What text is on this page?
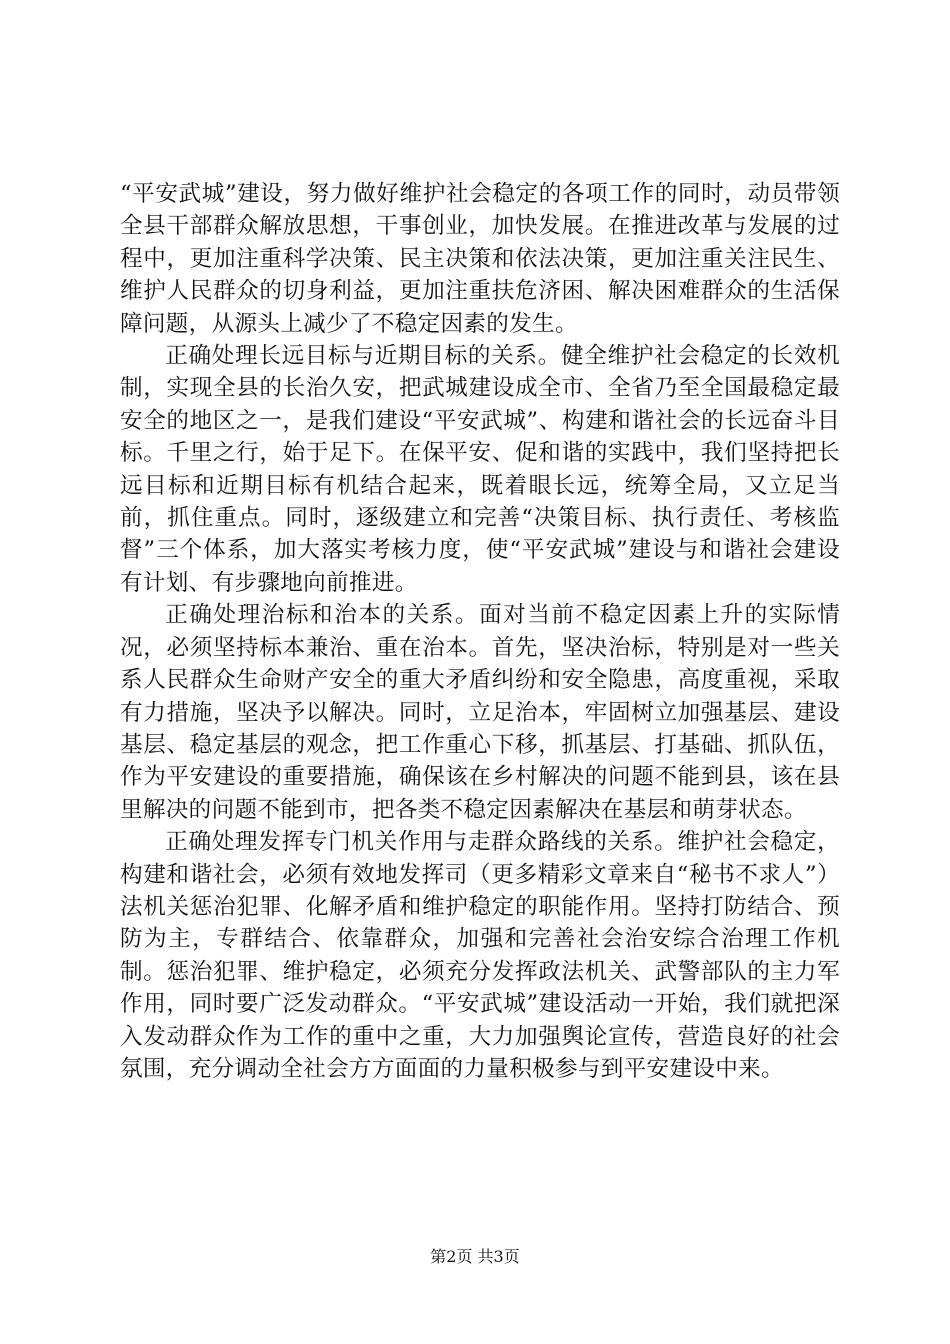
“平安武城”建设，努力做好维护社会稳定的各项工作的同时，动员带领全县干部群众解放思想，干事创业，加快发展。在推进改革与发展的过程中，更加注重科学决策、民主决策和依法决策，更加注重关注民生、维护人民群众的切身利益，更加注重扶危济困、解决困难群众的生活保障问题，从源头上减少了不稳定因素的发生。

正确处理长远目标与近期目标的关系。健全维护社会稳定的长效机制，实现全县的长治久安，把武城建设成全市、全省乃至全国最稳定最安全的地区之一，是我们建设“平安武城”、构建和谐社会的长远奋斗目标。千里之行，始于足下。在保平安、促和谐的实践中，我们坚持把长远目标和近期目标有机结合起来，既着眼长远，统筹全局，又立足当前，抓住重点。同时，逐级建立和完善“决策目标、执行责任、考核监督”三个体系，加大落实考核力度，使“平安武城”建设与和谐社会建设有计划、有步骤地向前推进。

正确处理治标和治本的关系。面对当前不稳定因素上升的实际情况，必须坚持标本兼治、重在治本。首先，坚决治标，特别是对一些关系人民群众生命财产安全的重大矛盾纠纷和安全隐患，高度重视，采取有力措施，坚决予以解决。同时，立足治本，牢固树立加强基层、建设基层、稳定基层的观念，把工作重心下移，抓基层、打基础、抓队伍，作为平安建设的重要措施，确保该在乡村解决的问题不能到县，该在县里解决的问题不能到市，把各类不稳定因素解决在基层和萌芽状态。

正确处理发挥专门机关作用与走群众路线的关系。维护社会稳定，构建和谐社会，必须有效地发挥司（更多精彩文章来自“秘书不求人”）法机关惩治犯罪、化解矛盾和维护稳定的职能作用。坚持打防结合、预防为主，专群结合、依靠群众，加强和完善社会治安综合治理工作机制。惩治犯罪、维护稳定，必须充分发挥政法机关、武警部队的主力军作用，同时要广泛发动群众。“平安武城”建设活动一开始，我们就把深入发动群众作为工作的重中之重，大力加强舆论宣传，营造良好的社会氛围，充分调动全社会方方面面的力量积极参与到平安建设中来。

第2页 共3页
